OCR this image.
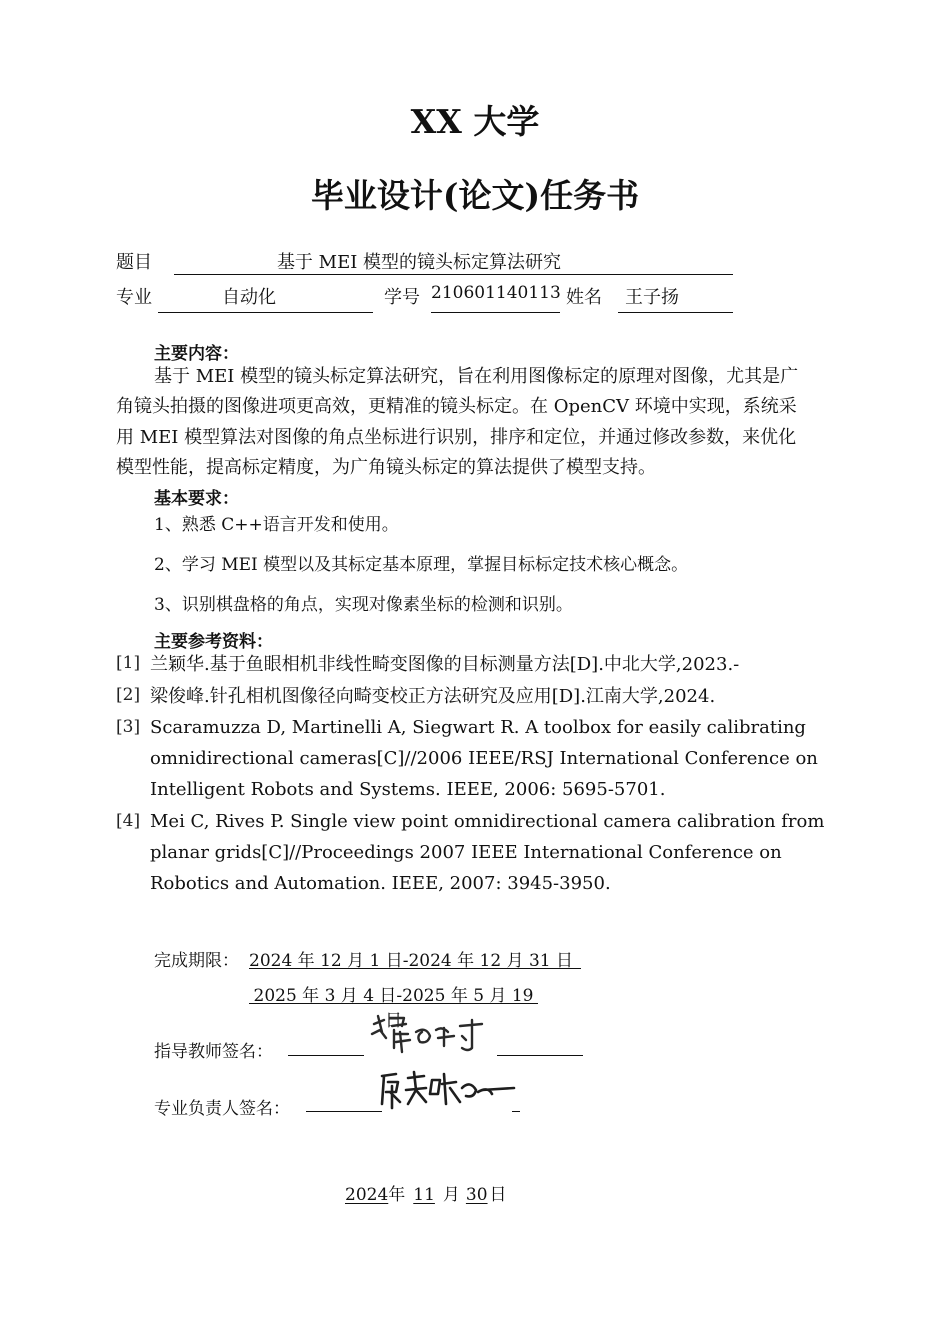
XX 大学
毕业设计(论文)任务书
题目	基于 MEI 模型的镜头标定算法研究
专业	自动化	学号 210601140113 姓名	王子扬
主要内容：
基于 MEI 模型的镜头标定算法研究，旨在利用图像标定的原理对图像，尤其是广
角镜头拍摄的图像进项更高效，更精准的镜头标定。在 OpenCV 环境中实现，系统采
用 MEI 模型算法对图像的角点坐标进行识别，排序和定位，并通过修改参数，来优化
模型性能，提高标定精度，为广角镜头标定的算法提供了模型支持。
基本要求：
1、熟悉 C++语言开发和使用。
2、学习 MEI 模型以及其标定基本原理，掌握目标标定技术核心概念。
3、识别棋盘格的角点，实现对像素坐标的检测和识别。
主要参考资料：
[1] 兰颖华.基于鱼眼相机非线性畸变图像的目标测量方法[D].中北大学,2023.-
[2] 梁俊峰.针孔相机图像径向畸变校正方法研究及应用[D].江南大学,2024.
[3] Scaramuzza D, Martinelli A, Siegwart R. A toolbox for easily calibrating
omnidirectional cameras[C]//2006 IEEE/RSJ International Conference on
Intelligent Robots and Systems. IEEE, 2006: 5695-5701.
[4] Mei C, Rives P. Single view point omnidirectional camera calibration from
planar grids[C]//Proceedings 2007 IEEE International Conference on
Robotics and Automation. IEEE, 2007: 3945-3950.
完成期限： 2024 年 12 月 1 日-2024 年 12 月 31 日
2025 年 3 月 4 日-2025 年 5 月 19 日
指导教师签名：
专业负责人签名：
2024年 11 月 30 日
